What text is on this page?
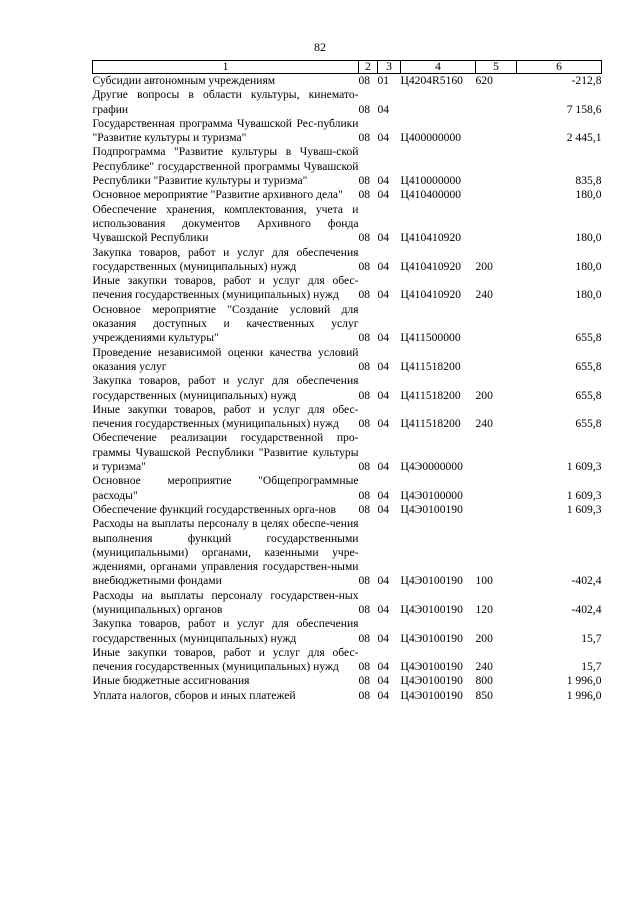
82
1	2	3	4	5	6
Субсидии автономным учреждениям	08	01	Ц4204R5160	620	-212,8
Другие вопросы в области культуры, кинемато-графии	08	04			7 158,6
Государственная программа Чувашской Рес-публики "Развитие культуры и туризма"	08	04	Ц400000000		2 445,1
Подпрограмма "Развитие культуры в Чуваш-ской Республике" государственной программы Чувашской Республики "Развитие культуры и туризма"	08	04	Ц410000000		835,8
Основное мероприятие "Развитие архивного дела"	08	04	Ц410400000		180,0
Обеспечение хранения, комплектования, учета и использования документов Архивного фонда Чувашской Республики	08	04	Ц410410920		180,0
Закупка товаров, работ и услуг для обеспечения государственных (муниципальных) нужд	08	04	Ц410410920	200	180,0
Иные закупки товаров, работ и услуг для обес-печения государственных (муниципальных) нужд	08	04	Ц410410920	240	180,0
Основное мероприятие "Создание условий для оказания доступных и качественных услуг учреждениями культуры"	08	04	Ц411500000		655,8
Проведение независимой оценки качества условий оказания услуг	08	04	Ц411518200		655,8
Закупка товаров, работ и услуг для обеспечения государственных (муниципальных) нужд	08	04	Ц411518200	200	655,8
Иные закупки товаров, работ и услуг для обес-печения государственных (муниципальных) нужд	08	04	Ц411518200	240	655,8
Обеспечение реализации государственной про-граммы Чувашской Республики "Развитие культуры и туризма"	08	04	Ц4Э0000000		1 609,3
Основное мероприятие "Общепрограммные расходы"	08	04	Ц4Э0100000		1 609,3
Обеспечение функций государственных орга-нов	08	04	Ц4Э0100190		1 609,3
Расходы на выплаты персоналу в целях обеспе-чения выполнения функций государственными (муниципальными) органами, казенными учре-ждениями, органами управления государствен-ными внебюджетными фондами	08	04	Ц4Э0100190	100	-402,4
Расходы на выплаты персоналу государствен-ных (муниципальных) органов	08	04	Ц4Э0100190	120	-402,4
Закупка товаров, работ и услуг для обеспечения государственных (муниципальных) нужд	08	04	Ц4Э0100190	200	15,7
Иные закупки товаров, работ и услуг для обес-печения государственных (муниципальных) нужд	08	04	Ц4Э0100190	240	15,7
Иные бюджетные ассигнования	08	04	Ц4Э0100190	800	1 996,0
Уплата налогов, сборов и иных платежей	08	04	Ц4Э0100190	850	1 996,0
